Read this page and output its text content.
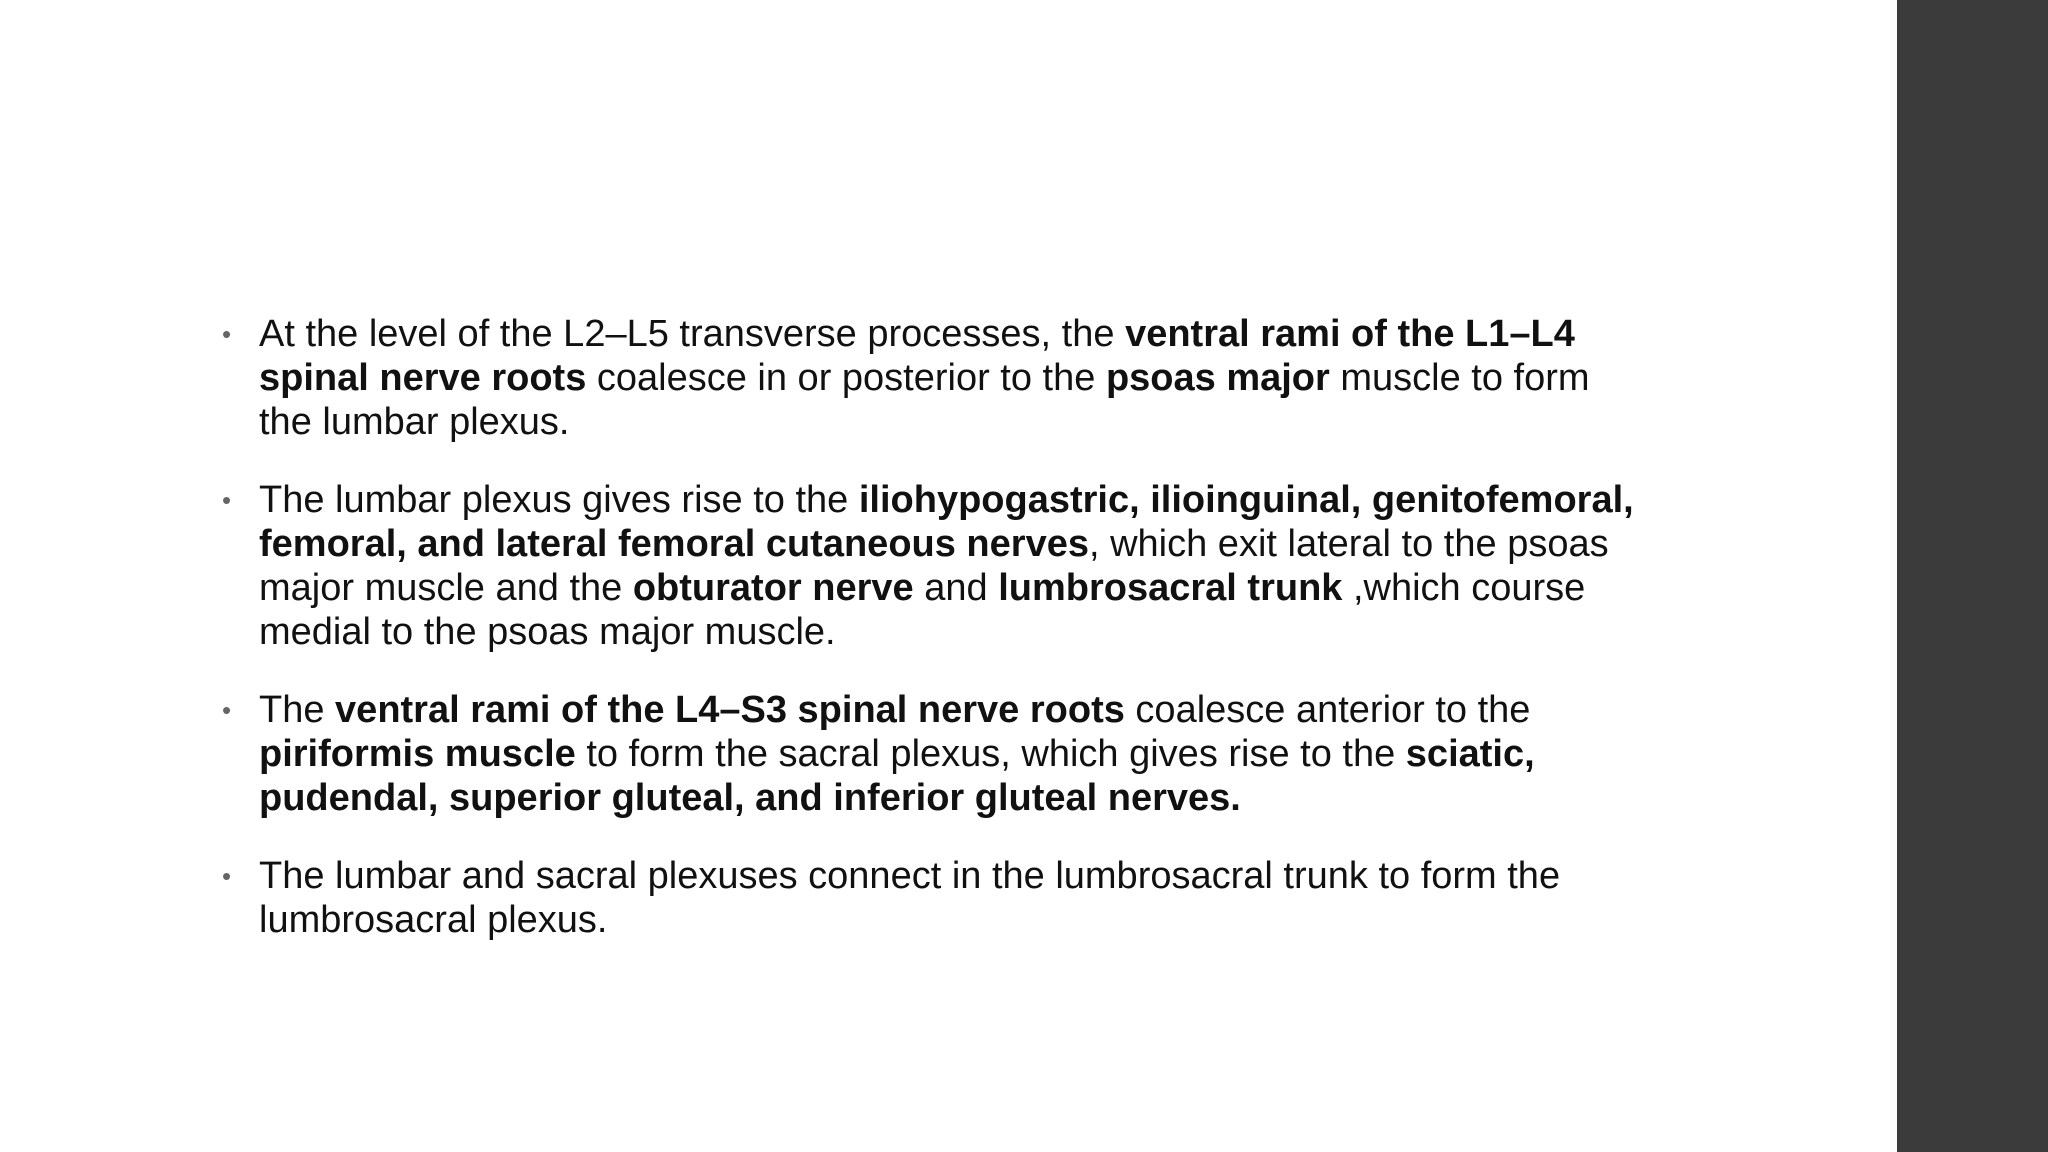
• At the level of the L2–L5 transverse processes, the ventral rami of the L1–L4 spinal nerve roots coalesce in or posterior to the psoas major muscle to form the lumbar plexus.

• The lumbar plexus gives rise to the iliohypogastric, ilioinguinal, genitofemoral, femoral, and lateral femoral cutaneous nerves, which exit lateral to the psoas major muscle and the obturator nerve and lumbrosacral trunk ,which course medial to the psoas major muscle.

• The ventral rami of the L4–S3 spinal nerve roots coalesce anterior to the piriformis muscle to form the sacral plexus, which gives rise to the sciatic, pudendal, superior gluteal, and inferior gluteal nerves.

• The lumbar and sacral plexuses connect in the lumbrosacral trunk to form the lumbrosacral plexus.
